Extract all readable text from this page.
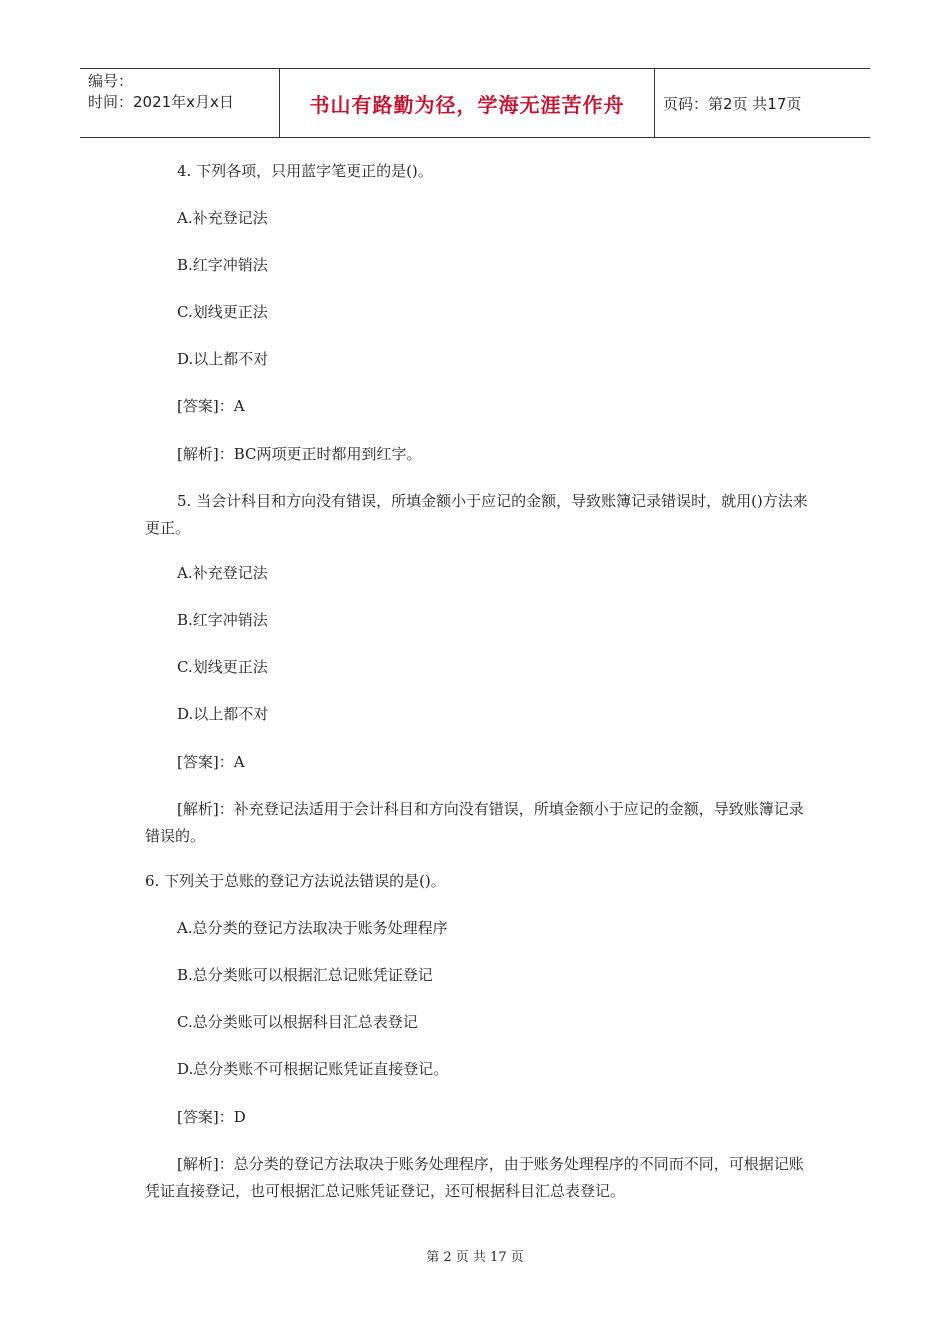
编号：
时间：2021年x月x日	书山有路勤为径，学海无涯苦作舟	页码：第2页 共17页

4. 下列各项，只用蓝字笔更正的是()。

A.补充登记法

B.红字冲销法

C.划线更正法

D.以上都不对

[答案]：A

[解析]：BC两项更正时都用到红字。

5. 当会计科目和方向没有错误，所填金额小于应记的金额，导致账簿记录错误时，就用()方法来更正。

A.补充登记法

B.红字冲销法

C.划线更正法

D.以上都不对

[答案]：A

[解析]：补充登记法适用于会计科目和方向没有错误，所填金额小于应记的金额，导致账簿记录错误的。

6. 下列关于总账的登记方法说法错误的是()。

A.总分类的登记方法取决于账务处理程序

B.总分类账可以根据汇总记账凭证登记

C.总分类账可以根据科目汇总表登记

D.总分类账不可根据记账凭证直接登记。

[答案]：D

[解析]：总分类的登记方法取决于账务处理程序，由于账务处理程序的不同而不同，可根据记账凭证直接登记，也可根据汇总记账凭证登记，还可根据科目汇总表登记。

第 2 页 共 17 页
